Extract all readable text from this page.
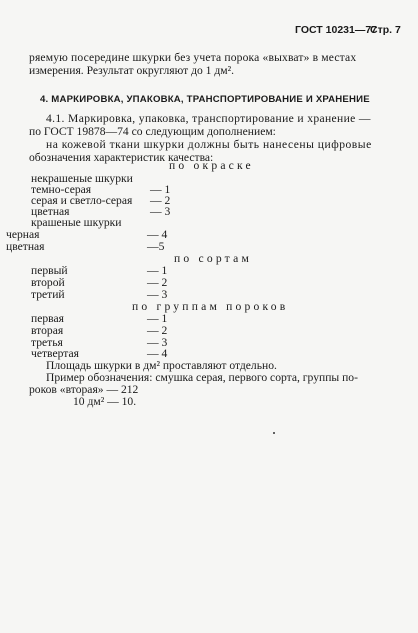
ГОСТ 10231—77
Стр. 7
ряемую посередине шкурки без учета порока «выхват» в местах
измерения. Результат округляют до 1 дм².
4. МАРКИРОВКА, УПАКОВКА, ТРАНСПОРТИРОВАНИЕ И ХРАНЕНИЕ
4.1. Маркировка, упаковка, транспортирование и хранение —
по ГОСТ 19878—74 со следующим дополнением:
на кожевой ткани шкурки должны быть нанесены цифровые
обозначения характеристик качества:
по окраске
некрашеные шкурки
темно-серая	— 1
серая и светло-серая — 2
цветная	— 3
крашеные шкурки
черная	— 4
цветная	—5
по сортам
первый	— 1
второй	— 2
третий	— 3
по группам пороков
первая	— 1
вторая	— 2
третья	— 3
четвертая	— 4
Площадь шкурки в дм² проставляют отдельно.
Пример обозначения: смушка серая, первого сорта, группы по-
роков «вторая» — 212
10 дм² — 10.
